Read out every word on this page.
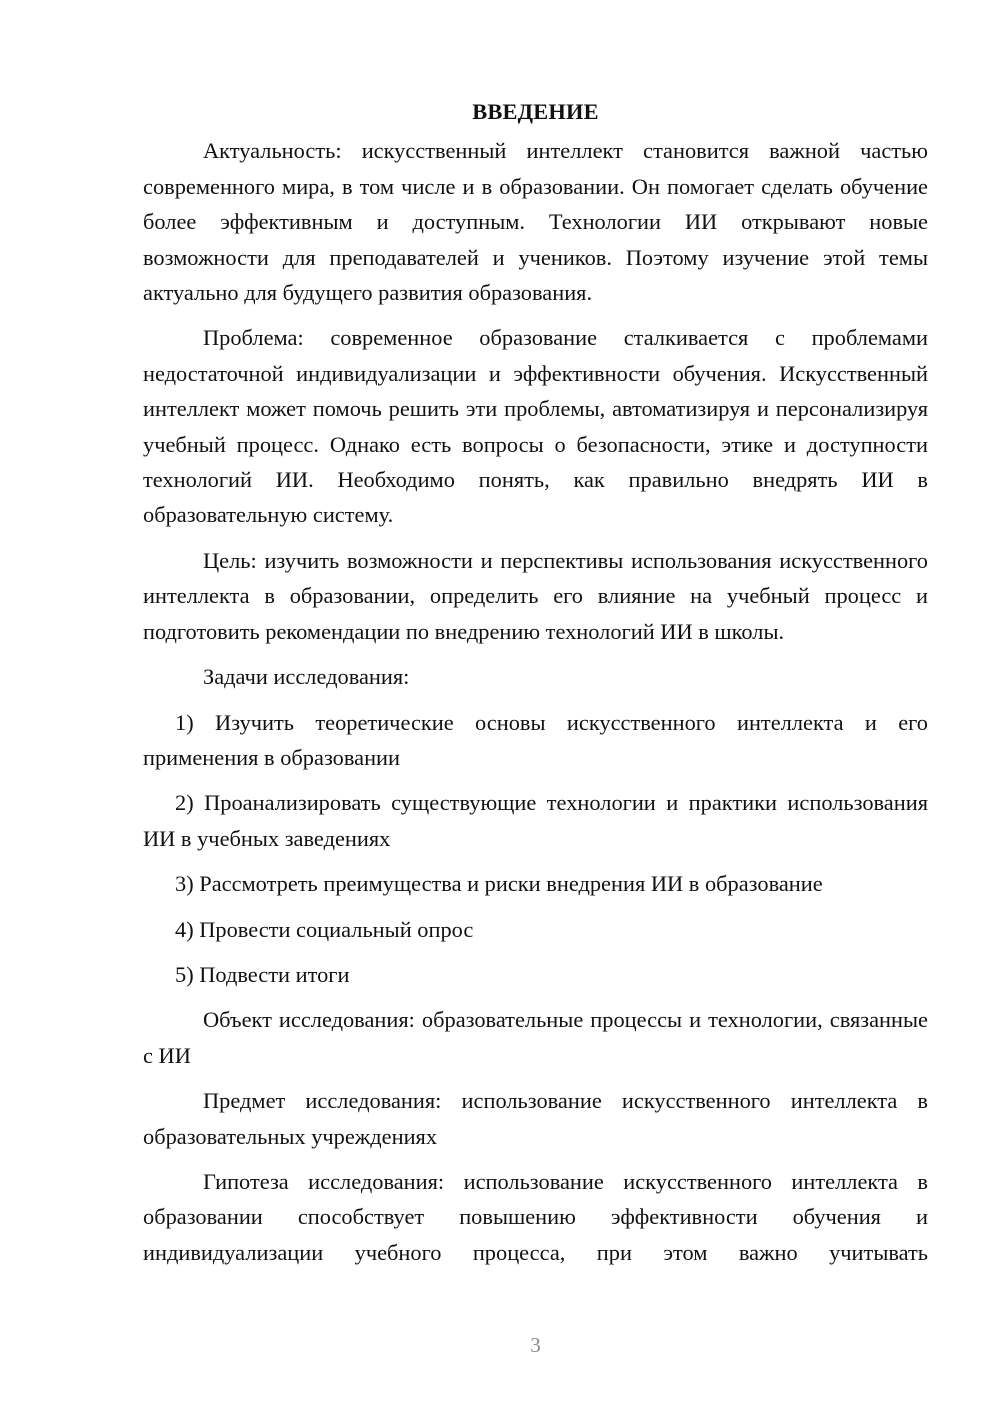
ВВЕДЕНИЕ

Актуальность: искусственный интеллект становится важной частью современного мира, в том числе и в образовании. Он помогает сделать обучение более эффективным и доступным. Технологии ИИ открывают новые возможности для преподавателей и учеников. Поэтому изучение этой темы актуально для будущего развития образования.

Проблема: современное образование сталкивается с проблемами недостаточной индивидуализации и эффективности обучения. Искусственный интеллект может помочь решить эти проблемы, автоматизируя и персонализируя учебный процесс. Однако есть вопросы о безопасности, этике и доступности технологий ИИ. Необходимо понять, как правильно внедрять ИИ в образовательную систему.

Цель: изучить возможности и перспективы использования искусственного интеллекта в образовании, определить его влияние на учебный процесс и подготовить рекомендации по внедрению технологий ИИ в школы.

Задачи исследования:

1) Изучить теоретические основы искусственного интеллекта и его применения в образовании

2) Проанализировать существующие технологии и практики использования ИИ в учебных заведениях

3) Рассмотреть преимущества и риски внедрения ИИ в образование

4) Провести социальный опрос

5) Подвести итоги

Объект исследования: образовательные процессы и технологии, связанные с ИИ

Предмет исследования: использование искусственного интеллекта в образовательных учреждениях

Гипотеза исследования: использование искусственного интеллекта в образовании способствует повышению эффективности обучения и индивидуализации учебного процесса, при этом важно учитывать

3
